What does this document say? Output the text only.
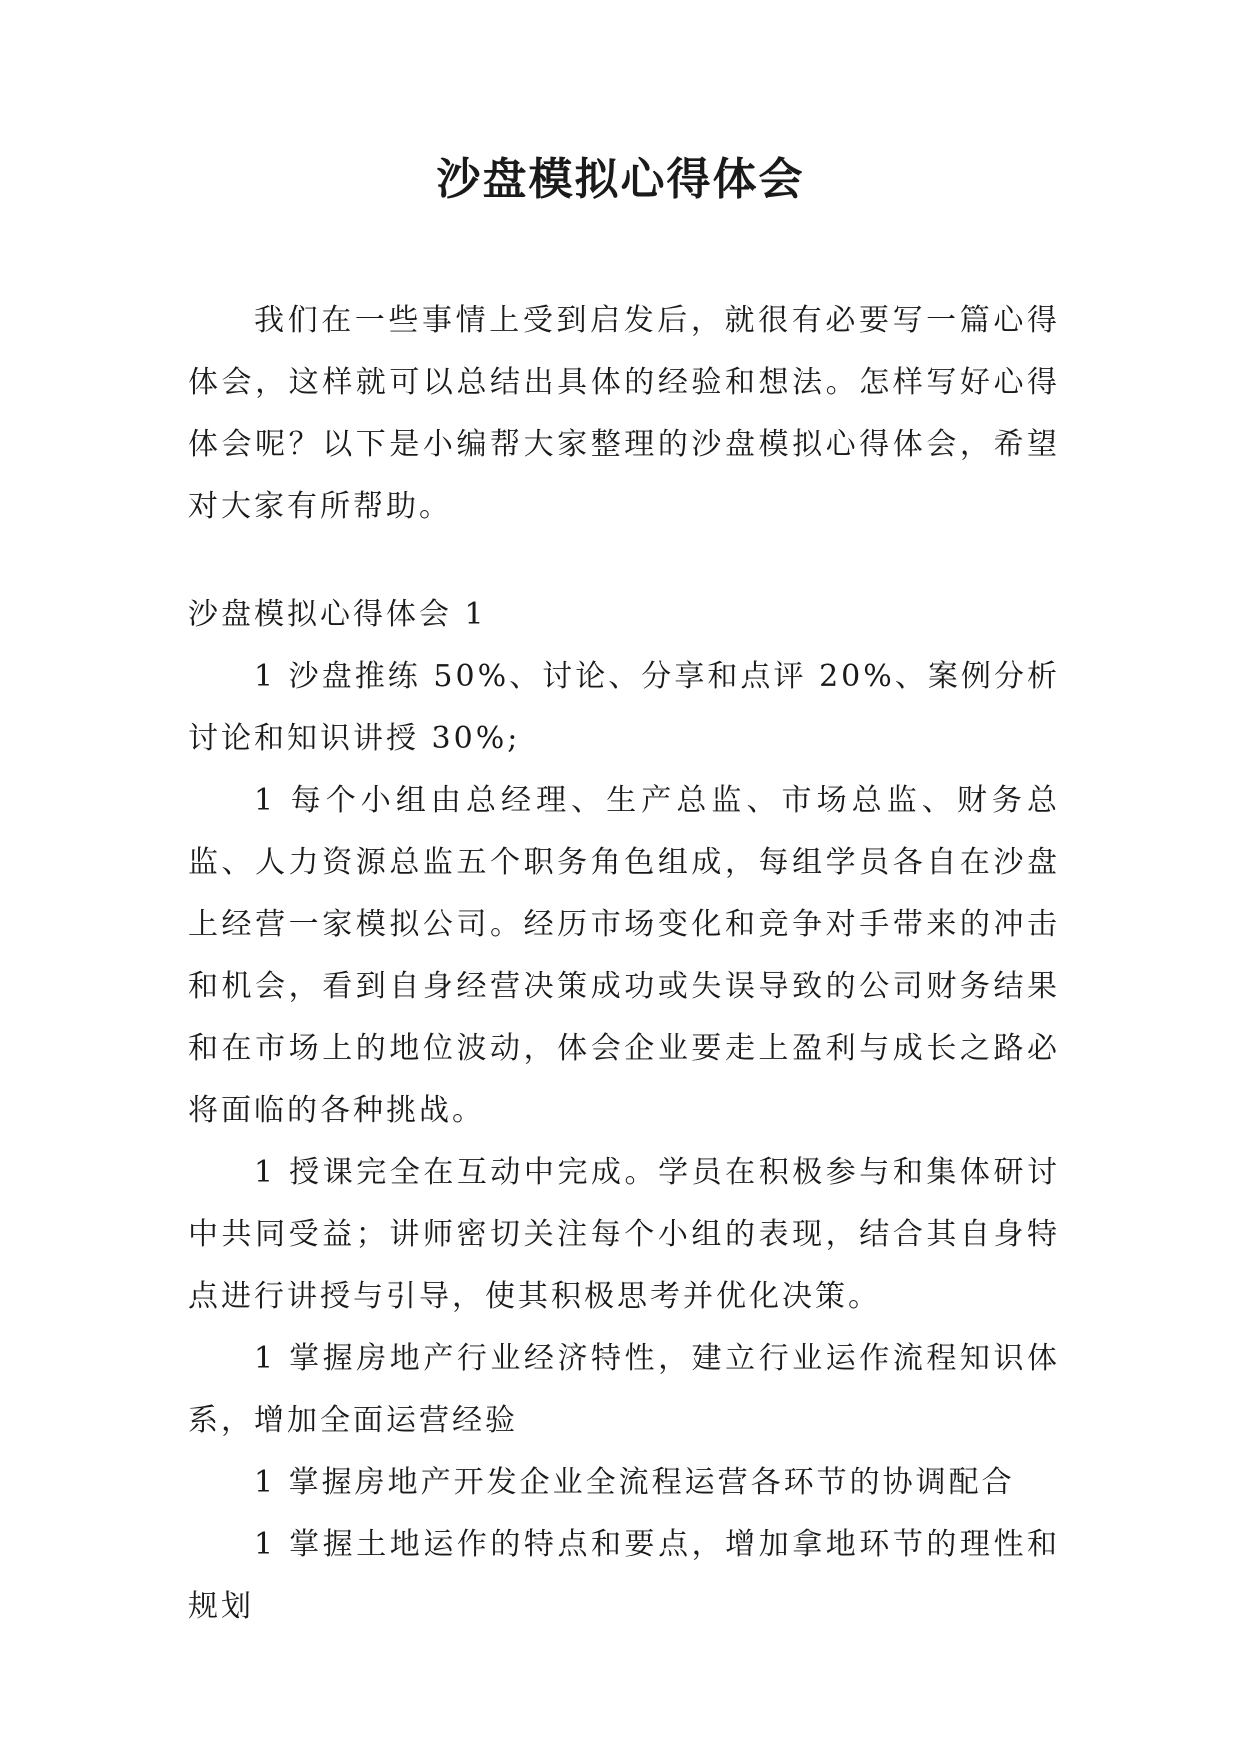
沙盘模拟心得体会

我们在一些事情上受到启发后，就很有必要写一篇心得体会，这样就可以总结出具体的经验和想法。怎样写好心得体会呢？以下是小编帮大家整理的沙盘模拟心得体会，希望对大家有所帮助。

沙盘模拟心得体会 1

1 沙盘推练 50%、讨论、分享和点评 20%、案例分析讨论和知识讲授 30%;

1 每个小组由总经理、生产总监、市场总监、财务总监、人力资源总监五个职务角色组成，每组学员各自在沙盘上经营一家模拟公司。经历市场变化和竞争对手带来的冲击和机会，看到自身经营决策成功或失误导致的公司财务结果和在市场上的地位波动，体会企业要走上盈利与成长之路必将面临的各种挑战。

1 授课完全在互动中完成。学员在积极参与和集体研讨中共同受益；讲师密切关注每个小组的表现，结合其自身特点进行讲授与引导，使其积极思考并优化决策。

1 掌握房地产行业经济特性，建立行业运作流程知识体系，增加全面运营经验

1 掌握房地产开发企业全流程运营各环节的协调配合

1 掌握土地运作的特点和要点，增加拿地环节的理性和规划
